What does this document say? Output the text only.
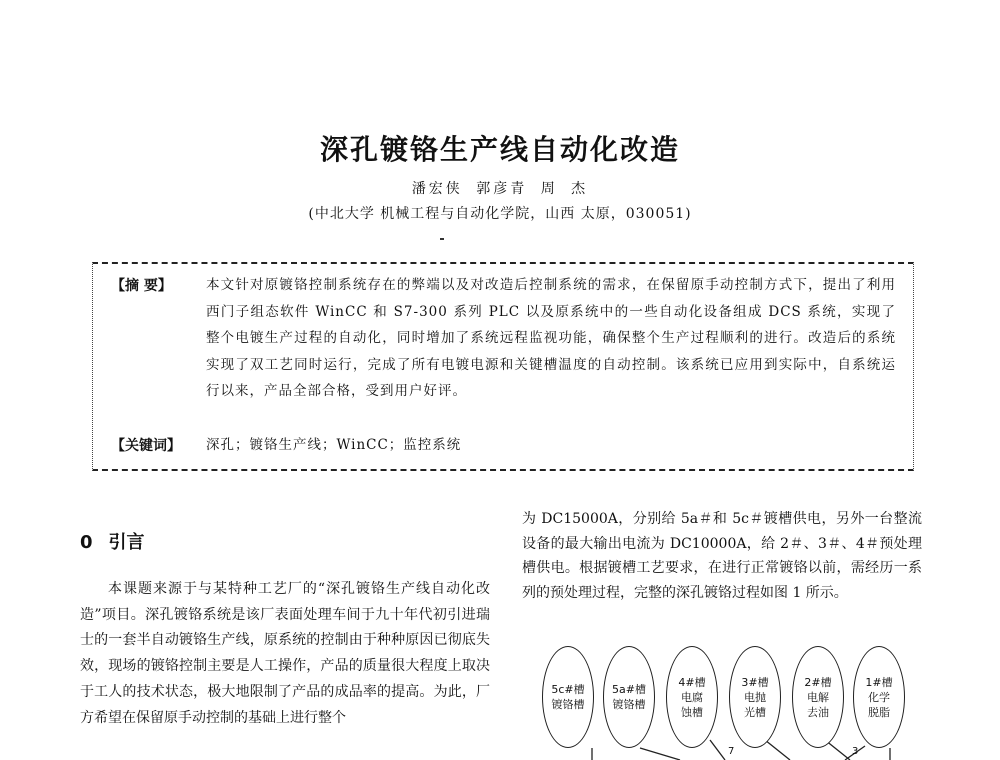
深孔镀铬生产线自动化改造
潘宏侠 郭彦青 周 杰
(中北大学 机械工程与自动化学院，山西 太原，030051)
【摘 要】	本文针对原镀铬控制系统存在的弊端以及对改造后控制系统的需求，在保留原手动控制方式下，提出了利用西门子组态软件 WinCC 和 S7-300 系列 PLC 以及原系统中的一些自动化设备组成 DCS 系统，实现了整个电镀生产过程的自动化，同时增加了系统远程监视功能，确保整个生产过程顺利的进行。改造后的系统实现了双工艺同时运行，完成了所有电镀电源和关键槽温度的自动控制。该系统已应用到实际中，自系统运行以来，产品全部合格，受到用户好评。
【关键词】 深孔；镀铬生产线；WinCC；监控系统
0 引言

本课题来源于与某特种工艺厂的“深孔镀铬生产线自动化改造”项目。深孔镀铬系统是该厂表面处理车间于九十年代初引进瑞士的一套半自动镀铬生产线，原系统的控制由于种种原因已彻底失效，现场的镀铬控制主要是人工操作，产品的质量很大程度上取决于工人的技术状态，极大地限制了产品的成品率的提高。为此，厂方希望在保留原手动控制的基础上进行整个

为 DC15000A，分别给 5a＃和 5c＃镀槽供电，另外一台整流设备的最大输出电流为 DC10000A，给 2＃、3＃、4＃预处理槽供电。根据镀槽工艺要求，在进行正常镀铬以前，需经历一系列的预处理过程，完整的深孔镀铬过程如图 1 所示。

5c#槽
镀铬槽
5a#槽
镀铬槽
4#槽
电腐
蚀槽
3#槽
电抛
光槽
2#槽
电解
去油
1#槽
化学
脱脂
7	3
